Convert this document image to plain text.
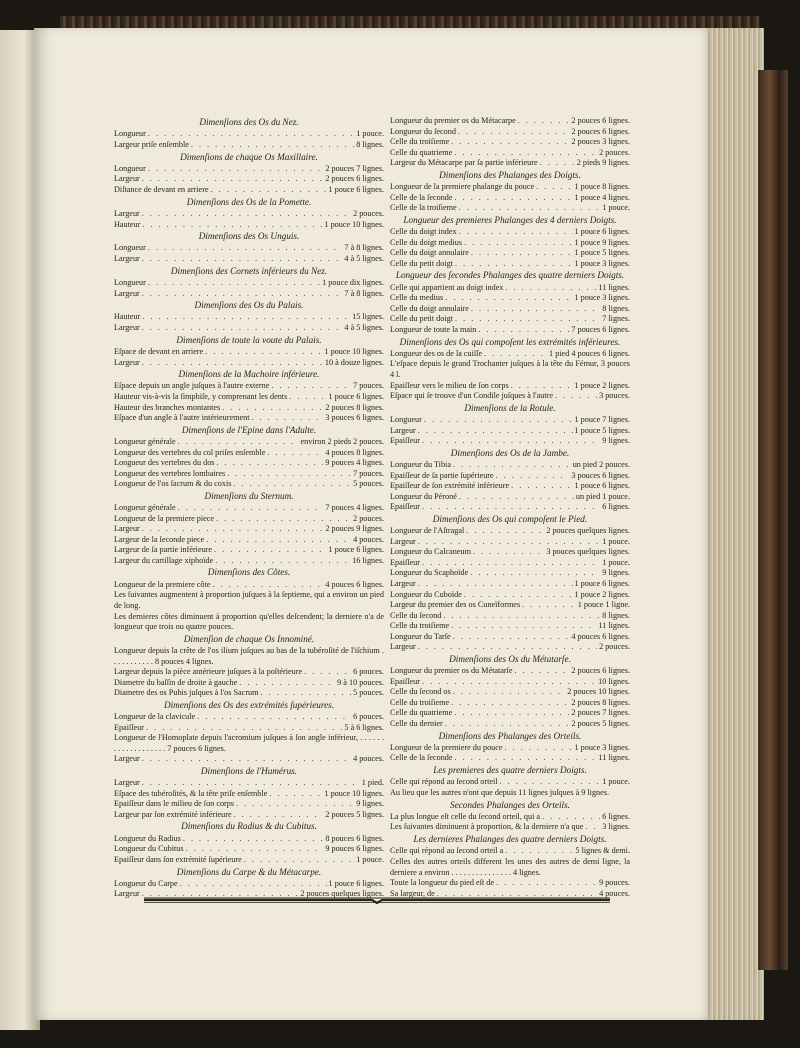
Dimenſions des Os du Nez.
Longueur . . .	1 pouce.
Largeur priſe enſemble . . .	8 lignes.
Dimenſions de chaque Os Maxillaire.
Longueur . . .	2 pouces 7 lignes.
Largeur . . .	2 pouces 6 lignes.
Diſtance de devant en arriere . . .	1 pouce 6 lignes.
Dimenſions des Os de la Pomette.
Largeur . . .	2 pouces.
Hauteur . . .	1 pouce 10 lignes.
Dimenſions des Os Unguis.
Longueur . . .	7 à 8 lignes.
Largeur . . .	4 à 5 lignes.
Dimenſions des Cornets inférieurs du Nez.
Longueur . . .	1 pouce dix lignes.
Largeur . . .	7 à 8 lignes.
Dimenſions des Os du Palais.
Hauteur . . .	15 lignes.
Largeur . . .	4 à 5 lignes.
Dimenſions de toute la voute du Palais.
Eſpace de devant en arriere . . .	1 pouce 10 lignes.
Largeur . . .	10 à douze lignes.
Dimenſions de la Machoire inférieure.
Eſpace depuis un angle juſques à l'autre externe . . .	7 pouces.
Hauteur vis-à-vis la ſimphiſe, y comprenant les dents . . .	1 pouce 6 lignes.
Hauteur des branches montantes . . .	2 pouces 8 lignes.
Eſpace d'un angle à l'autre intérieurement . . .	3 pouces 6 lignes.
Dimenſions de l'Epine dans l'Adulte.
Longueur générale . . .	environ 2 pieds 2 pouces.
Longueur des vertebres du col priſes enſemble . . .	4 pouces 8 lignes.
Longueur des vertebres du dos . . .	9 pouces 4 lignes.
Longueur des vertebres lombaires . . .	7 pouces.
Longueur de l'os ſacrum & du coxis . . .	5 pouces.
Dimenſions du Sternum.
Longueur générale . . .	7 pouces 4 lignes.
Longueur de la premiere piece . . .	2 pouces.
Largeur . . .	2 pouces 9 lignes.
Largeur de la ſeconde piece . . .	4 pouces.
Largeur de ſa partie inférieure . . .	1 pouce 6 lignes.
Largeur du cartillage xiphoïde . . .	16 lignes.
Dimenſions des Côtes.
Longueur de la premiere côte . . .	4 pouces 6 lignes.

Les ſuivantes augmentent à proportion juſques à la ſeptieme, qui a environ un pied de long.

Les dernieres côtes diminuent à proportion qu'elles deſcendent; la derniere n'a de longueur que trois ou quatre pouces.

Dimenſion de chaque Os Innominé.

Longueur depuis la crête de l'os ilium juſques au bas de la tubéroſité de l'iſchium . . . . . . . . . . . 8 pouces 4 lignes.

Largeur depuis la pièce antérieure juſques à la poſtérieure . . .	6 pouces.
Diametre du baſſin de droite à gauche . . .	9 à 10 pouces.
Diametre des os Pubis juſques à l'os Sacrum . . .	5 pouces.
Dimenſions des Os des extrémités ſupérieures.
Longueur de la clavicule . . .	6 pouces.
Epaiſſeur . . .	5 à 6 lignes.

Longueur de l'Homoplate depuis l'acromium juſques à ſon angle inférieur, . . . . . . . . . . . . . . . . . . . 7 pouces 6 lignes.

Largeur . . .	4 pouces.
Dimenſions de l'Humérus.
Largeur . . .	1 pied.
Eſpace des tubéroſités, & la tête priſe enſemble . . .	1 pouce 10 lignes.
Epaiſſeur dans le milieu de ſon corps . . .	9 lignes.
Largeur par ſon extrémité inférieure . . .	2 pouces 5 lignes.
Dimenſions du Radius & du Cubitus.
Longueur du Radius . . .	8 pouces 6 lignes.
Longueur du Cubitus . . .	9 pouces 6 lignes.
Epaiſſeur dans ſon extrémité ſupérieure . . .	1 pouce.
Dimenſions du Carpe & du Métacarpe.
Longueur du Carpe . . .	1 pouce 6 lignes.
Largeur . . .	2 pouces quelques lignes.
Longueur du premier os du Métacarpe . . .	2 pouces 6 lignes.
Longueur du ſecond . . .	2 pouces 6 lignes.
Celle du troiſieme . . .	2 pouces 3 lignes.
Celle du quatrieme . . .	2 pouces.
Largeur du Métacarpe par ſa partie inférieure . . .	2 pieds 9 lignes.
Dimenſions des Phalanges des Doigts.
Longueur de la premiere phalange du pouce . . .	1 pouce 8 lignes.
Celle de la ſeconde . . .	1 pouce 4 lignes.
Celle de la troiſieme . . .	1 pouce.
Longueur des premieres Phalanges des 4 derniers Doigts.
Celle du doigt index . . .	1 pouce 6 lignes.
Celle du doigt medius . . .	1 pouce 9 lignes.
Celle du doigt annulaire . . .	1 pouce 5 lignes.
Celle du petit doigt . . .	1 pouce 3 lignes.
Longueur des ſecondes Phalanges des quatre derniers Doigts.
Celle qui appartient au doigt index . . .	11 lignes.
Celle du medius . . .	1 pouce 3 lignes.
Celle du doigt annulaire . . .	8 lignes.
Celle du petit doigt . . .	7 lignes.
Longueur de toute la main . . .	7 pouces 6 lignes.
Dimenſions des Os qui compoſent les extrémités inférieures.
Longueur des os de la cuiſſe . . .	1 pied 4 pouces 6 lignes.

L'eſpace depuis le grand Trochanter juſques à la tête du Fémur, 3 pouces 4 l.

Epaiſſeur vers le milieu de ſon corps . . .	1 pouce 2 lignes.
Eſpace qui ſe trouve d'un Condile juſques à l'autre . . .	3 pouces.
Dimenſions de la Rotule.
Longueur . . .	1 pouce 7 lignes.
Largeur . . .	1 pouce 5 lignes.
Epaiſſeur . . .	9 lignes.
Dimenſions des Os de la Jambe.
Longueur du Tibia . . .	un pied 2 pouces.
Epaiſſeur de ſa partie ſupérieure . . .	3 pouces 6 lignes.
Epaiſſeur de ſon extrémité inférieure . . .	1 pouce 6 lignes.
Longueur du Péroné . . .	un pied 1 pouce.
Epaiſſeur . . .	6 lignes.
Dimenſions des Os qui compoſent le Pied.
Longueur de l'Aſtragal . . .	2 pouces quelques lignes.
Largeur . . .	1 pouce.
Longueur du Calcaneum . . .	3 pouces quelques lignes.
Epaiſſeur . . .	1 pouce.
Longueur du Scaphoïde . . .	9 lignes.
Largeur . . .	1 pouce 6 lignes.
Longueur du Cuboïde . . .	1 pouce 2 lignes.
Largeur du premier des os Cuneïformes . . .	1 pouce 1 ligne.
Celle du ſecond . . .	8 lignes.
Celle du troiſieme . . .	11 lignes.
Longueur du Tarſe . . .	4 pouces 6 lignes.
Largeur . . .	2 pouces.
Dimenſions des Os du Métatarſe.
Longueur du premier os du Métatarſe . . .	2 pouces 6 lignes.
Epaiſſeur . . .	10 lignes.
Celle du ſecond os . . .	2 pouces 10 lignes.
Celle du troiſieme . . .	2 pouces 8 lignes.
Celle du quatrieme . . .	2 pouces 7 lignes.
Celle du dernier . . .	2 pouces 5 lignes.
Dimenſions des Phalanges des Orteils.
Longueur de la premiere du pouce . . .	1 pouce 3 lignes.
Celle de la ſeconde . . .	11 lignes.
Les premieres des quatre derniers Doigts.
Celle qui répond au ſecond orteil . . .	1 pouce.

Au lieu que les autres n'ont que depuis 11 lignes juſques à 9 lignes.

Secondes Phalanges des Orteils.
La plus longue eſt celle du ſecond orteil, qui a . . .	6 lignes.
Les ſuivantes diminuent à proportion, & la derniere n'a que . . . 3 lignes.
Les dernieres Phalanges des quatre derniers Doigts.
Celle qui répond au ſecond orteil a . . .	5 lignes & demi.

Celles des autres orteils different les unes des autres de demi ligne, la derniere a environ . . . . . . . . . . . . . . . 4 lignes.

Toute la longueur du pied eſt de . . .	9 pouces.
Sa largeur, de . . .	4 pouces.
